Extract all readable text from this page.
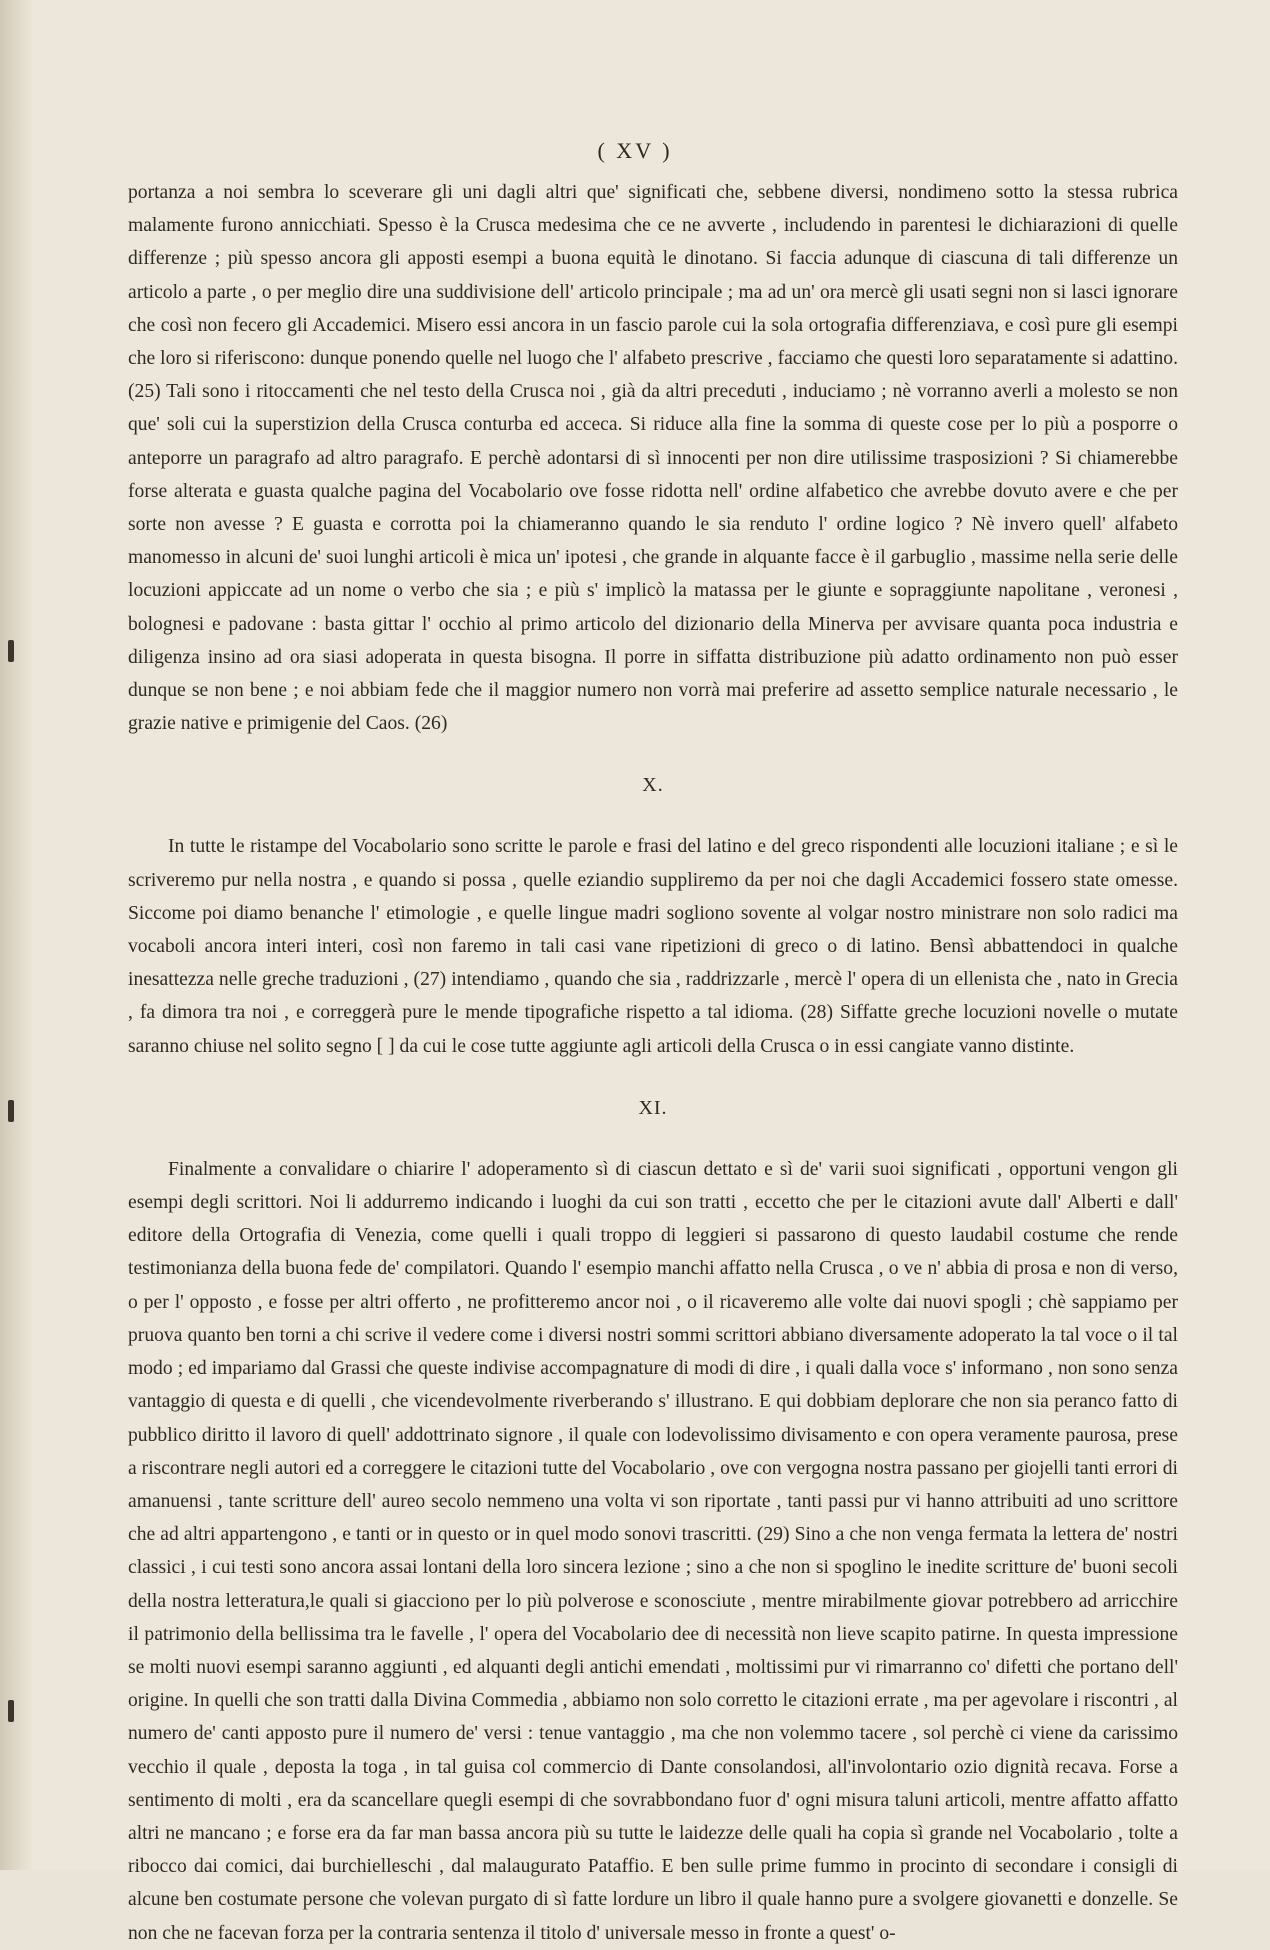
( XV )

portanza a noi sembra lo sceverare gli uni dagli altri que' significati che, sebbene diversi, nondimeno sotto la stessa rubrica malamente furono annicchiati. Spesso è la Crusca medesima che ce ne avverte , includendo in parentesi le dichiarazioni di quelle differenze ; più spesso ancora gli apposti esempi a buona equità le dinotano. Si faccia adunque di ciascuna di tali differenze un articolo a parte , o per meglio dire una suddivisione dell' articolo principale ; ma ad un' ora mercè gli usati segni non si lasci ignorare che così non fecero gli Accademici. Misero essi ancora in un fascio parole cui la sola ortografia differenziava, e così pure gli esempi che loro si riferiscono: dunque ponendo quelle nel luogo che l' alfabeto prescrive , facciamo che questi loro separatamente si adattino. (25) Tali sono i ritoccamenti che nel testo della Crusca noi , già da altri preceduti , induciamo ; nè vorranno averli a molesto se non que' soli cui la superstizion della Crusca conturba ed acceca. Si riduce alla fine la somma di queste cose per lo più a posporre o anteporre un paragrafo ad altro paragrafo. E perchè adontarsi di sì innocenti per non dire utilissime trasposizioni ? Si chiamerebbe forse alterata e guasta qualche pagina del Vocabolario ove fosse ridotta nell' ordine alfabetico che avrebbe dovuto avere e che per sorte non avesse ? E guasta e corrotta poi la chiameranno quando le sia renduto l' ordine logico ? Nè invero quell' alfabeto manomesso in alcuni de' suoi lunghi articoli è mica un' ipotesi , che grande in alquante facce è il garbuglio , massime nella serie delle locuzioni appiccate ad un nome o verbo che sia ; e più s' implicò la matassa per le giunte e sopraggiunte napolitane , veronesi , bolognesi e padovane : basta gittar l' occhio al primo articolo del dizionario della Minerva per avvisare quanta poca industria e diligenza insino ad ora siasi adoperata in questa bisogna. Il porre in siffatta distribuzione più adatto ordinamento non può esser dunque se non bene ; e noi abbiam fede che il maggior numero non vorrà mai preferire ad assetto semplice naturale necessario , le grazie native e primigenie del Caos. (26)

X.

In tutte le ristampe del Vocabolario sono scritte le parole e frasi del latino e del greco rispondenti alle locuzioni italiane ; e sì le scriveremo pur nella nostra , e quando si possa , quelle eziandio suppliremo da per noi che dagli Accademici fossero state omesse. Siccome poi diamo benanche l' etimologie , e quelle lingue madri sogliono sovente al volgar nostro ministrare non solo radici ma vocaboli ancora interi interi, così non faremo in tali casi vane ripetizioni di greco o di latino. Bensì abbattendoci in qualche inesattezza nelle greche traduzioni , (27) intendiamo , quando che sia , raddrizzarle , mercè l' opera di un ellenista che , nato in Grecia , fa dimora tra noi , e correggerà pure le mende tipografiche rispetto a tal idioma. (28) Siffatte greche locuzioni novelle o mutate saranno chiuse nel solito segno [ ] da cui le cose tutte aggiunte agli articoli della Crusca o in essi cangiate vanno distinte.

XI.

Finalmente a convalidare o chiarire l' adoperamento sì di ciascun dettato e sì de' varii suoi significati , opportuni vengon gli esempi degli scrittori. Noi li addurremo indicando i luoghi da cui son tratti , eccetto che per le citazioni avute dall' Alberti e dall' editore della Ortografia di Venezia, come quelli i quali troppo di leggieri si passarono di questo laudabil costume che rende testimonianza della buona fede de' compilatori. Quando l' esempio manchi affatto nella Crusca , o ve n' abbia di prosa e non di verso, o per l' opposto , e fosse per altri offerto , ne profitteremo ancor noi , o il ricaveremo alle volte dai nuovi spogli ; chè sappiamo per pruova quanto ben torni a chi scrive il vedere come i diversi nostri sommi scrittori abbiano diversamente adoperato la tal voce o il tal modo ; ed impariamo dal Grassi che queste indivise accompagnature di modi di dire , i quali dalla voce s' informano , non sono senza vantaggio di questa e di quelli , che vicendevolmente riverberando s' illustrano. E qui dobbiam deplorare che non sia peranco fatto di pubblico diritto il lavoro di quell' addottrinato signore , il quale con lodevolissimo divisamento e con opera veramente paurosa, prese a riscontrare negli autori ed a correggere le citazioni tutte del Vocabolario , ove con vergogna nostra passano per giojelli tanti errori di amanuensi , tante scritture dell' aureo secolo nemmeno una volta vi son riportate , tanti passi pur vi hanno attribuiti ad uno scrittore che ad altri appartengono , e tanti or in questo or in quel modo sonovi trascritti. (29) Sino a che non venga fermata la lettera de' nostri classici , i cui testi sono ancora assai lontani della loro sincera lezione ; sino a che non si spoglino le inedite scritture de' buoni secoli della nostra letteratura,le quali si giacciono per lo più polverose e sconosciute , mentre mirabilmente giovar potrebbero ad arricchire il patrimonio della bellissima tra le favelle , l' opera del Vocabolario dee di necessità non lieve scapito patirne. In questa impressione se molti nuovi esempi saranno aggiunti , ed alquanti degli antichi emendati , moltissimi pur vi rimarranno co' difetti che portano dell' origine. In quelli che son tratti dalla Divina Commedia , abbiamo non solo corretto le citazioni errate , ma per agevolare i riscontri , al numero de' canti apposto pure il numero de' versi : tenue vantaggio , ma che non volemmo tacere , sol perchè ci viene da carissimo vecchio il quale , deposta la toga , in tal guisa col commercio di Dante consolandosi, all'involontario ozio dignità recava. Forse a sentimento di molti , era da scancellare quegli esempi di che sovrabbondano fuor d' ogni misura taluni articoli, mentre affatto affatto altri ne mancano ; e forse era da far man bassa ancora più su tutte le laidezze delle quali ha copia sì grande nel Vocabolario , tolte a ribocco dai comici, dai burchielleschi , dal malaugurato Pataffio. E ben sulle prime fummo in procinto di secondare i consigli di alcune ben costumate persone che volevan purgato di sì fatte lordure un libro il quale hanno pure a svolgere giovanetti e donzelle. Se non che ne facevan forza per la contraria sentenza il titolo d' universale messo in fronte a quest' o-
